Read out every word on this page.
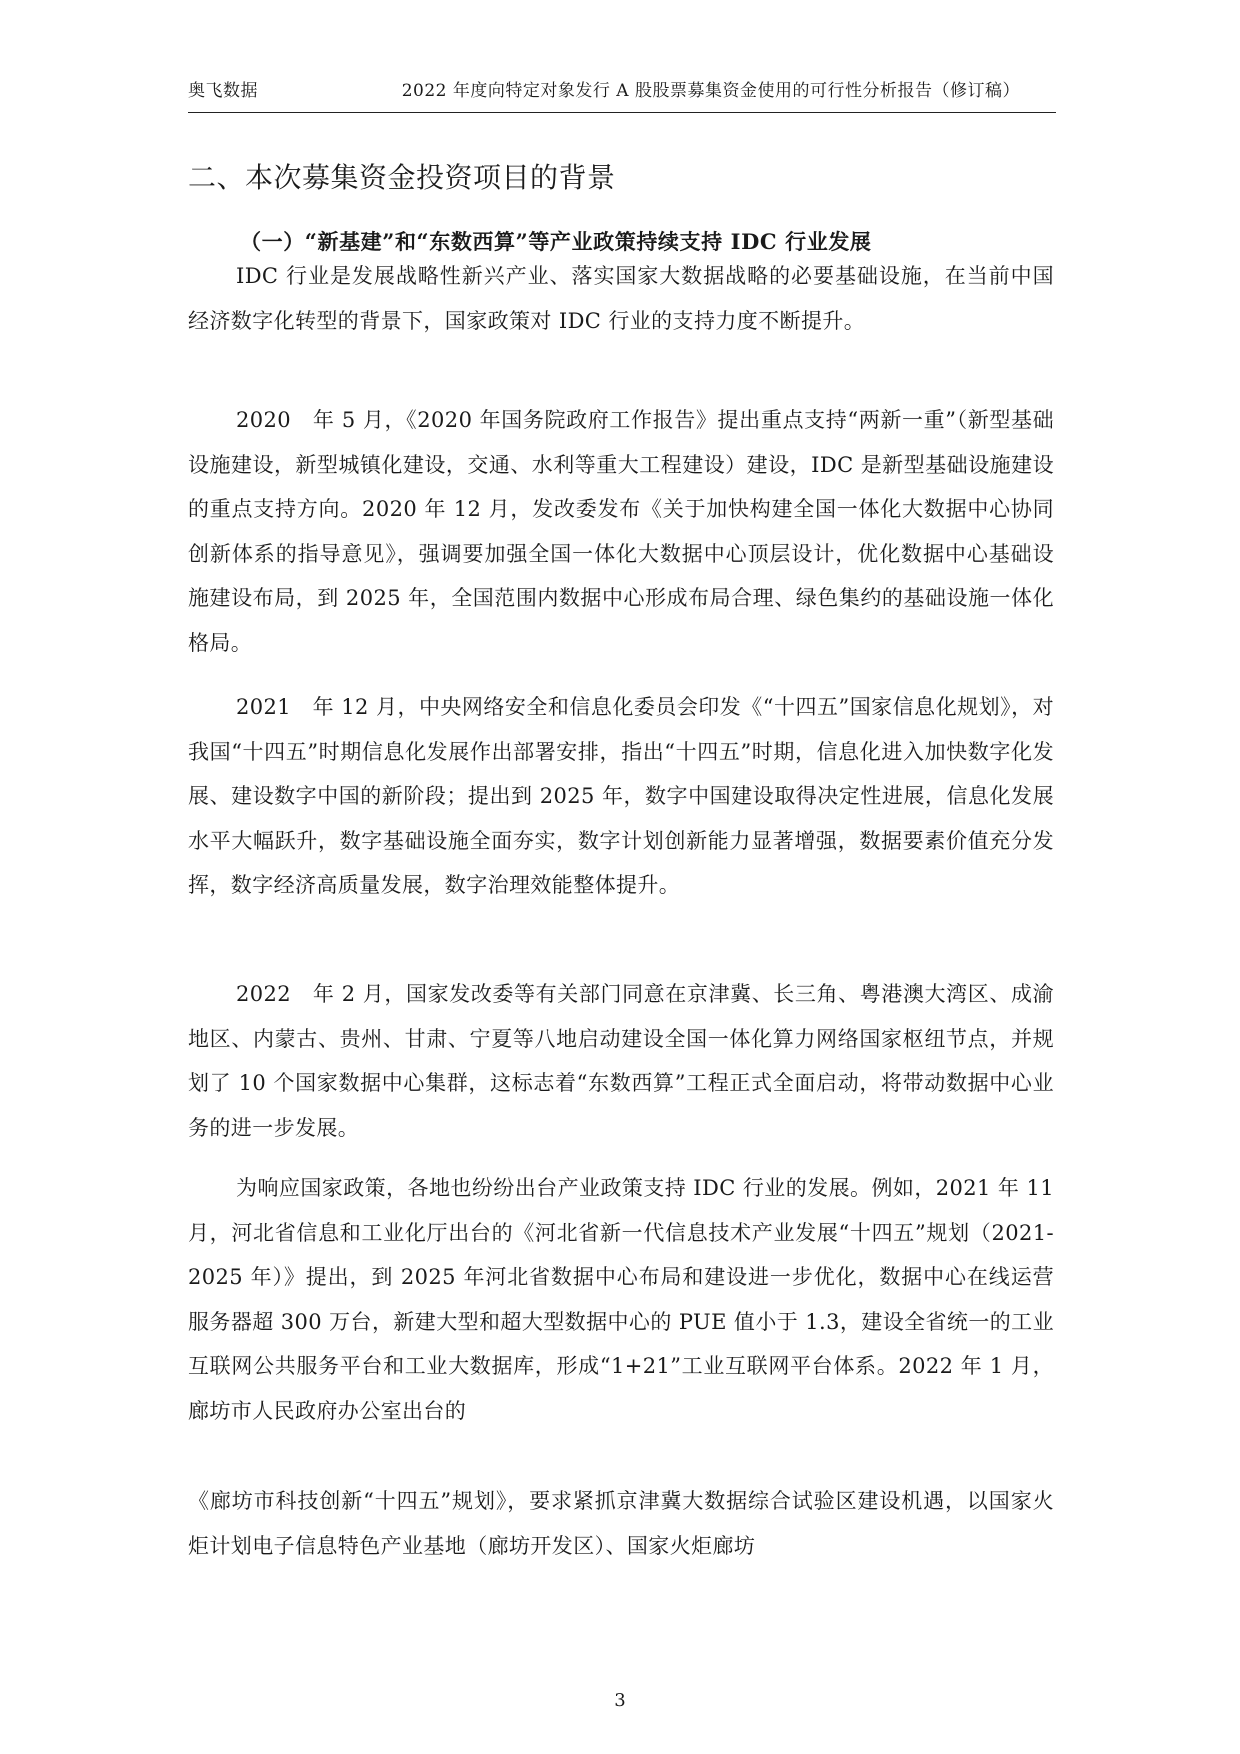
奥飞数据	2022 年度向特定对象发行 A 股股票募集资金使用的可行性分析报告（修订稿）
二、本次募集资金投资项目的背景
（一）“新基建”和“东数西算”等产业政策持续支持 IDC 行业发展

IDC 行业是发展战略性新兴产业、落实国家大数据战略的必要基础设施，在当前中国经济数字化转型的背景下，国家政策对 IDC 行业的支持力度不断提升。

2020　年 5 月，《2020 年国务院政府工作报告》提出重点支持“两新一重”（新型基础设施建设，新型城镇化建设，交通、水利等重大工程建设）建设，IDC 是新型基础设施建设的重点支持方向。2020 年 12 月，发改委发布《关于加快构建全国一体化大数据中心协同创新体系的指导意见》，强调要加强全国一体化大数据中心顶层设计，优化数据中心基础设施建设布局，到 2025 年，全国范围内数据中心形成布局合理、绿色集约的基础设施一体化格局。

2021　年 12 月，中央网络安全和信息化委员会印发《“十四五”国家信息化规划》，对我国“十四五”时期信息化发展作出部署安排，指出“十四五”时期，信息化进入加快数字化发展、建设数字中国的新阶段；提出到 2025 年，数字中国建设取得决定性进展，信息化发展水平大幅跃升，数字基础设施全面夯实，数字计划创新能力显著增强，数据要素价值充分发挥，数字经济高质量发展，数字治理效能整体提升。

2022　年 2 月，国家发改委等有关部门同意在京津冀、长三角、粤港澳大湾区、成渝地区、内蒙古、贵州、甘肃、宁夏等八地启动建设全国一体化算力网络国家枢纽节点，并规划了 10 个国家数据中心集群，这标志着“东数西算”工程正式全面启动，将带动数据中心业务的进一步发展。

为响应国家政策，各地也纷纷出台产业政策支持 IDC 行业的发展。例如，2021 年 11 月，河北省信息和工业化厅出台的《河北省新一代信息技术产业发展“十四五”规划（2021-2025 年）》提出，到 2025 年河北省数据中心布局和建设进一步优化，数据中心在线运营服务器超 300 万台，新建大型和超大型数据中心的 PUE 值小于 1.3，建设全省统一的工业互联网公共服务平台和工业大数据库，形成“1+21”工业互联网平台体系。2022 年 1 月，廊坊市人民政府办公室出台的

《廊坊市科技创新“十四五”规划》，要求紧抓京津冀大数据综合试验区建设机遇，以国家火炬计划电子信息特色产业基地（廊坊开发区）、国家火炬廊坊

3
